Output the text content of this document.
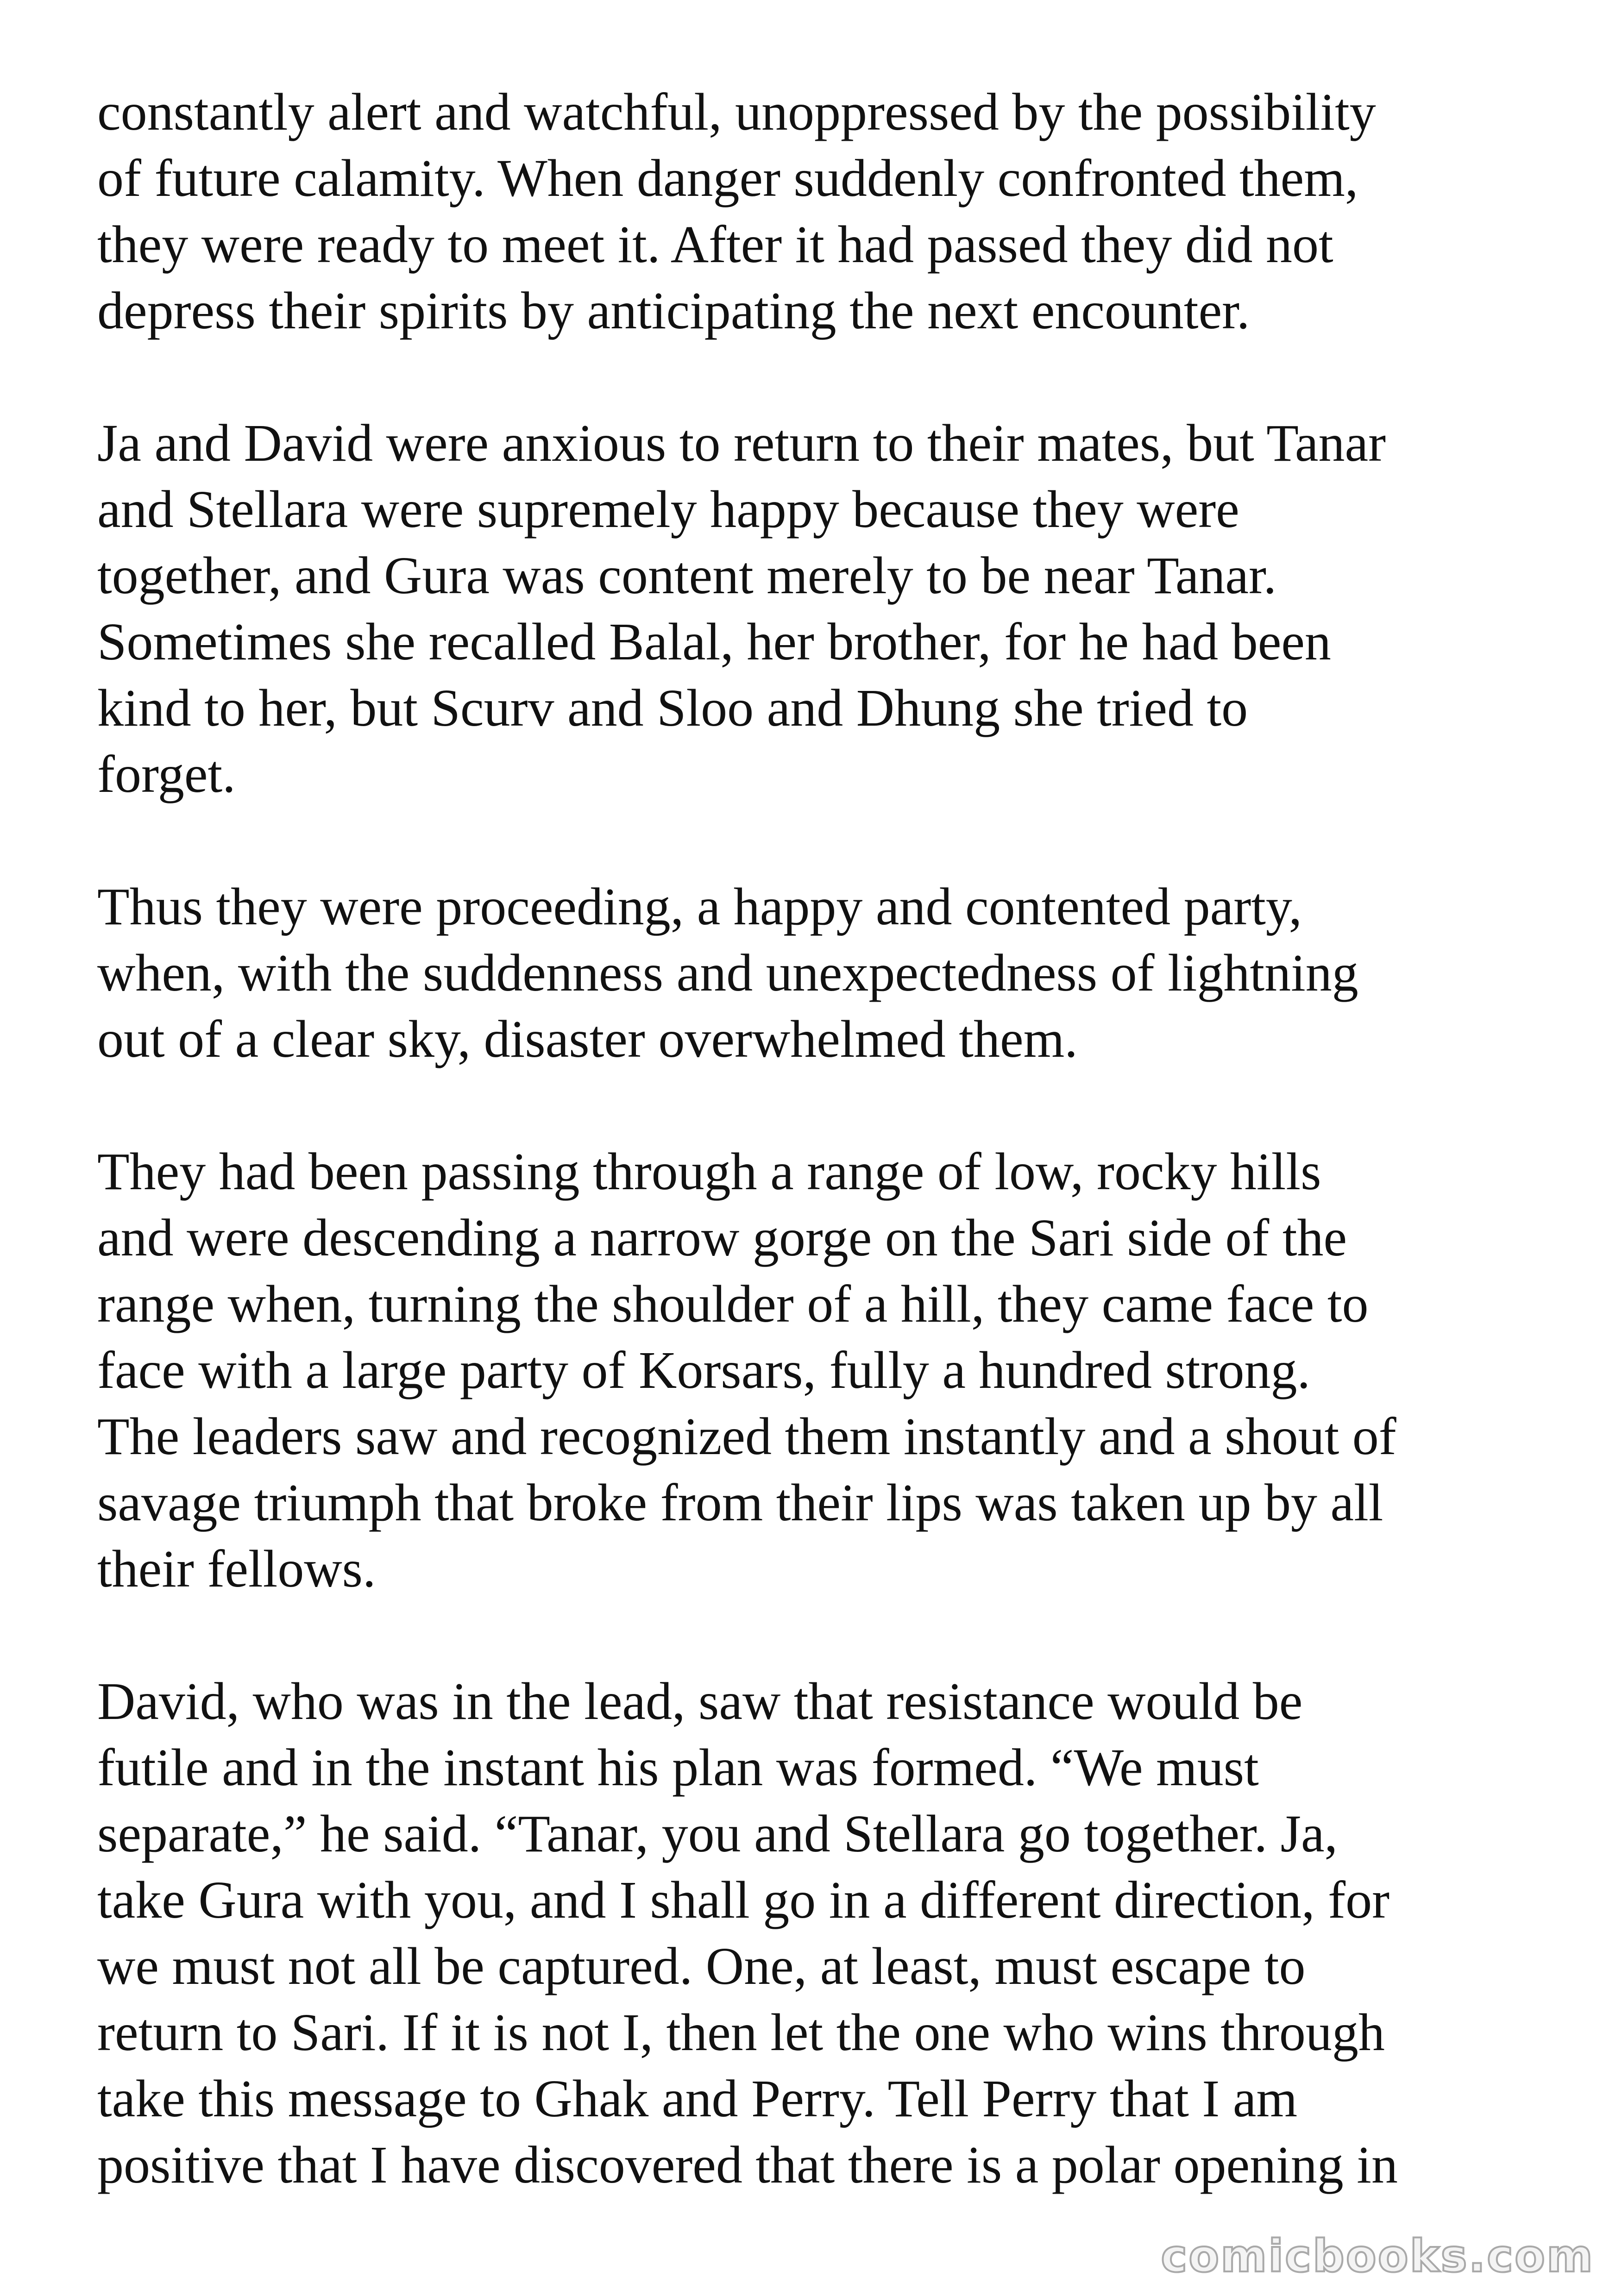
constantly alert and watchful, unoppressed by the possibility
of future calamity. When danger suddenly confronted them,
they were ready to meet it. After it had passed they did not
depress their spirits by anticipating the next encounter.

Ja and David were anxious to return to their mates, but Tanar
and Stellara were supremely happy because they were
together, and Gura was content merely to be near Tanar.
Sometimes she recalled Balal, her brother, for he had been
kind to her, but Scurv and Sloo and Dhung she tried to
forget.

Thus they were proceeding, a happy and contented party,
when, with the suddenness and unexpectedness of lightning
out of a clear sky, disaster overwhelmed them.

They had been passing through a range of low, rocky hills
and were descending a narrow gorge on the Sari side of the
range when, turning the shoulder of a hill, they came face to
face with a large party of Korsars, fully a hundred strong.
The leaders saw and recognized them instantly and a shout of
savage triumph that broke from their lips was taken up by all
their fellows.

David, who was in the lead, saw that resistance would be
futile and in the instant his plan was formed. “We must
separate,” he said. “Tanar, you and Stellara go together. Ja,
take Gura with you, and I shall go in a different direction, for
we must not all be captured. One, at least, must escape to
return to Sari. If it is not I, then let the one who wins through
take this message to Ghak and Perry. Tell Perry that I am
positive that I have discovered that there is a polar opening in

comicbooks.com
